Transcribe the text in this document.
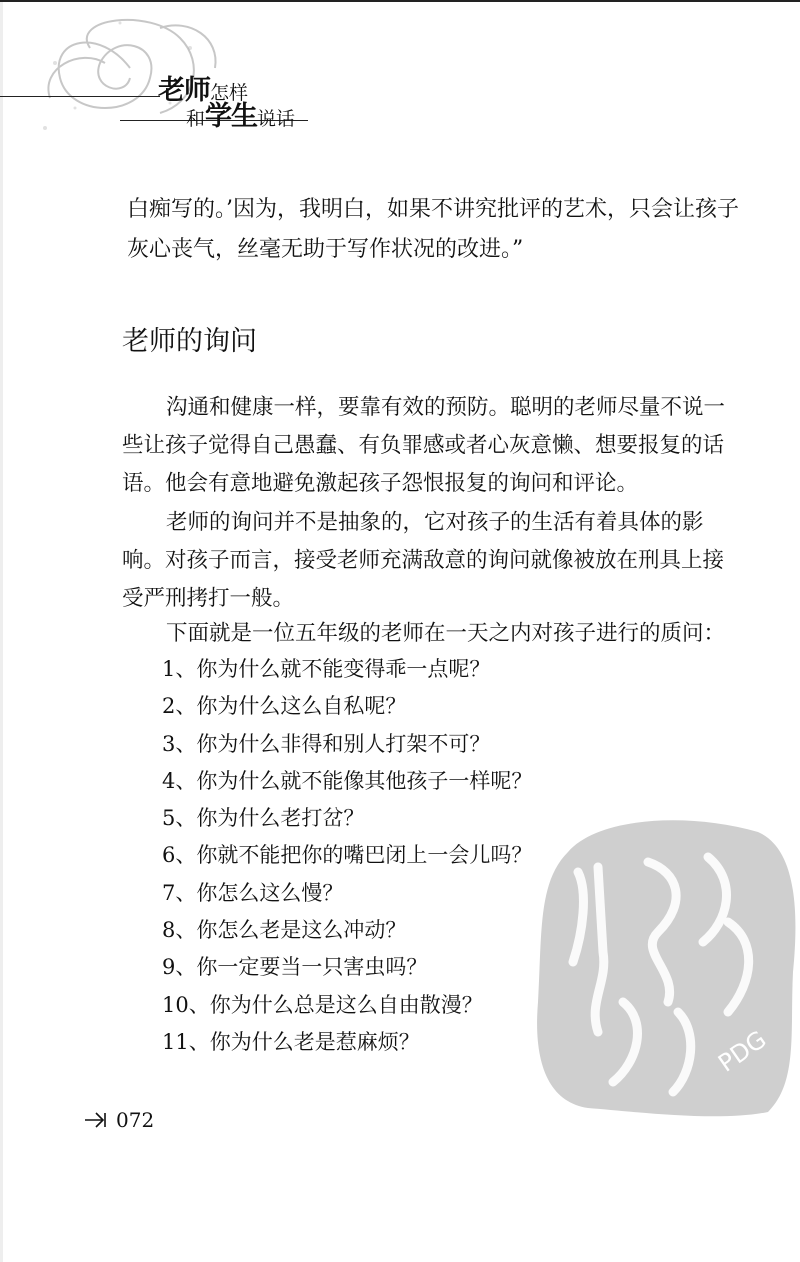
老师怎样
和学生说话
白痴写的。’因为，我明白，如果不讲究批评的艺术，只会让孩子灰心丧气，丝毫无助于写作状况的改进。”
老师的询问
沟通和健康一样，要靠有效的预防。聪明的老师尽量不说一些让孩子觉得自己愚蠢、有负罪感或者心灰意懒、想要报复的话语。他会有意地避免激起孩子怨恨报复的询问和评论。
老师的询问并不是抽象的，它对孩子的生活有着具体的影响。对孩子而言，接受老师充满敌意的询问就像被放在刑具上接受严刑拷打一般。
下面就是一位五年级的老师在一天之内对孩子进行的质问：
1、你为什么就不能变得乖一点呢？
2、你为什么这么自私呢？
3、你为什么非得和别人打架不可？
4、你为什么就不能像其他孩子一样呢？
5、你为什么老打岔？
6、你就不能把你的嘴巴闭上一会儿吗？
7、你怎么这么慢？
8、你怎么老是这么冲动？
9、你一定要当一只害虫吗？
10、你为什么总是这么自由散漫？
11、你为什么老是惹麻烦？	PDG
072
